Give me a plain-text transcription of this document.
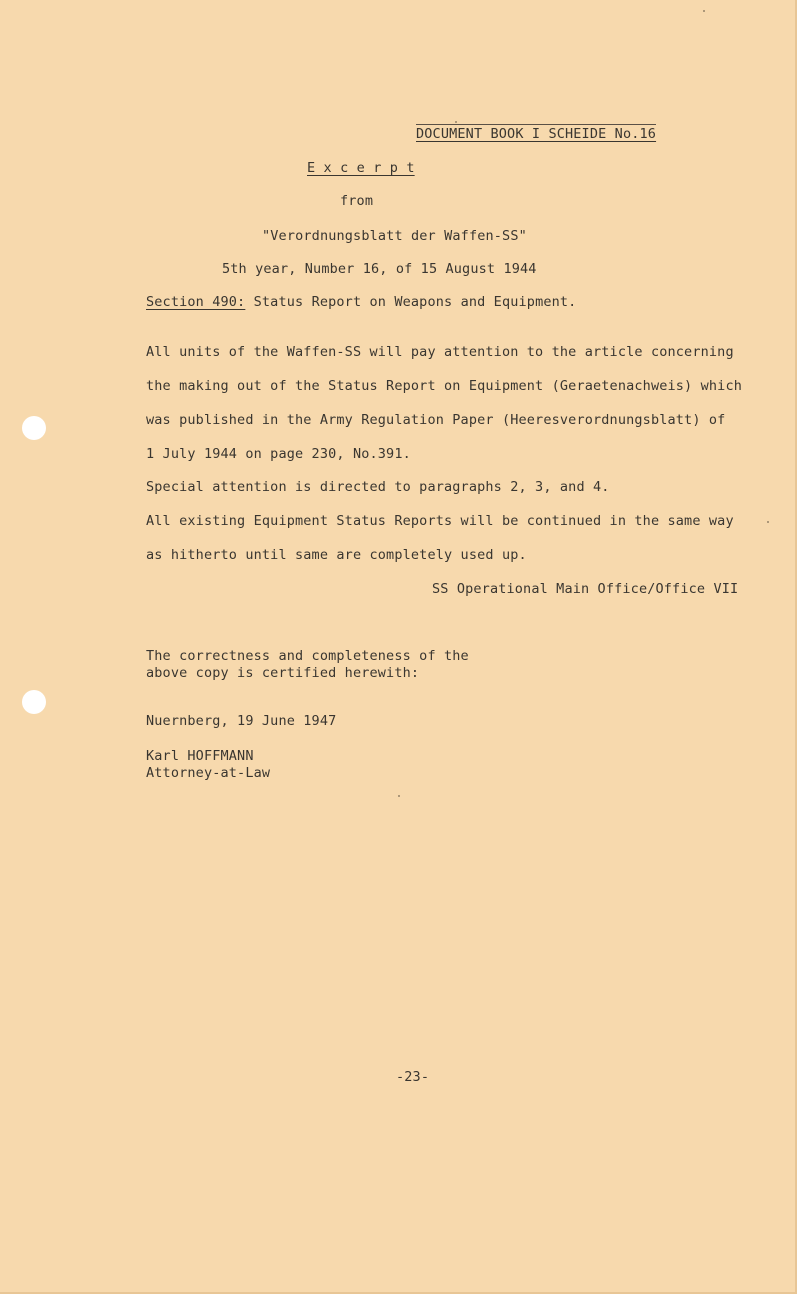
DOCUMENT BOOK I SCHEIDE No.16
E x c e r p t
from
"Verordnungsblatt der Waffen-SS"
5th year, Number 16, of 15 August 1944
Section 490: Status Report on Weapons and Equipment.
All units of the Waffen-SS will pay attention to the article concerning
the making out of the Status Report on Equipment (Geraetenachweis) which
was published in the Army Regulation Paper (Heeresverordnungsblatt) of
1 July 1944 on page 230, No.391.
Special attention is directed to paragraphs 2, 3, and 4.
All existing Equipment Status Reports will be continued in the same way
as hitherto until same are completely used up.
SS Operational Main Office/Office VII
The correctness and completeness of the
above copy is certified herewith:
Nuernberg, 19 June 1947
Karl HOFFMANN
Attorney-at-Law
-23-
